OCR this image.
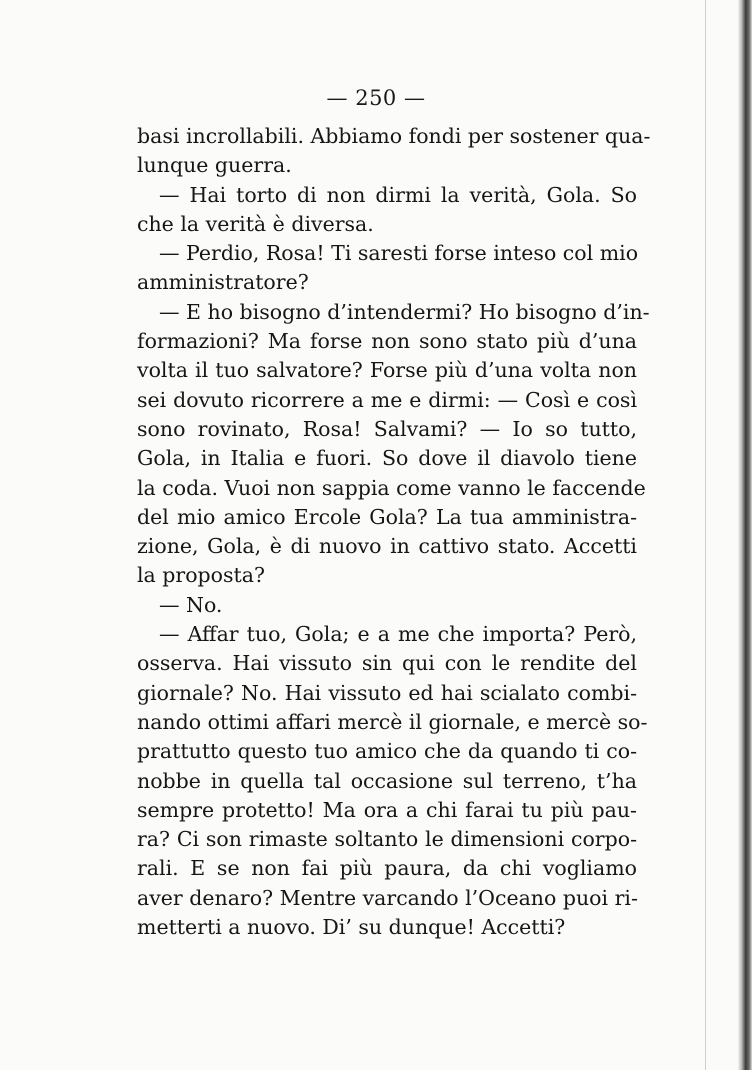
— 250 —
basi incrollabili. Abbiamo fondi per sostener qua-
lunque guerra.
— Hai torto di non dirmi la verità, Gola. So
che la verità è diversa.
— Perdio, Rosa! Ti saresti forse inteso col mio
amministratore?
— E ho bisogno d’intendermi? Ho bisogno d’in-
formazioni? Ma forse non sono stato più d’una
volta il tuo salvatore? Forse più d’una volta non
sei dovuto ricorrere a me e dirmi: — Così e così
sono rovinato, Rosa! Salvami? — Io so tutto,
Gola, in Italia e fuori. So dove il diavolo tiene
la coda. Vuoi non sappia come vanno le faccende
del mio amico Ercole Gola? La tua amministra-
zione, Gola, è di nuovo in cattivo stato. Accetti
la proposta?
— No.
— Affar tuo, Gola; e a me che importa? Però,
osserva. Hai vissuto sin qui con le rendite del
giornale? No. Hai vissuto ed hai scialato combi-
nando ottimi affari mercè il giornale, e mercè so-
prattutto questo tuo amico che da quando ti co-
nobbe in quella tal occasione sul terreno, t’ha
sempre protetto! Ma ora a chi farai tu più pau-
ra? Ci son rimaste soltanto le dimensioni corpo-
rali. E se non fai più paura, da chi vogliamo
aver denaro? Mentre varcando l’Oceano puoi ri-
metterti a nuovo. Di’ su dunque! Accetti?
